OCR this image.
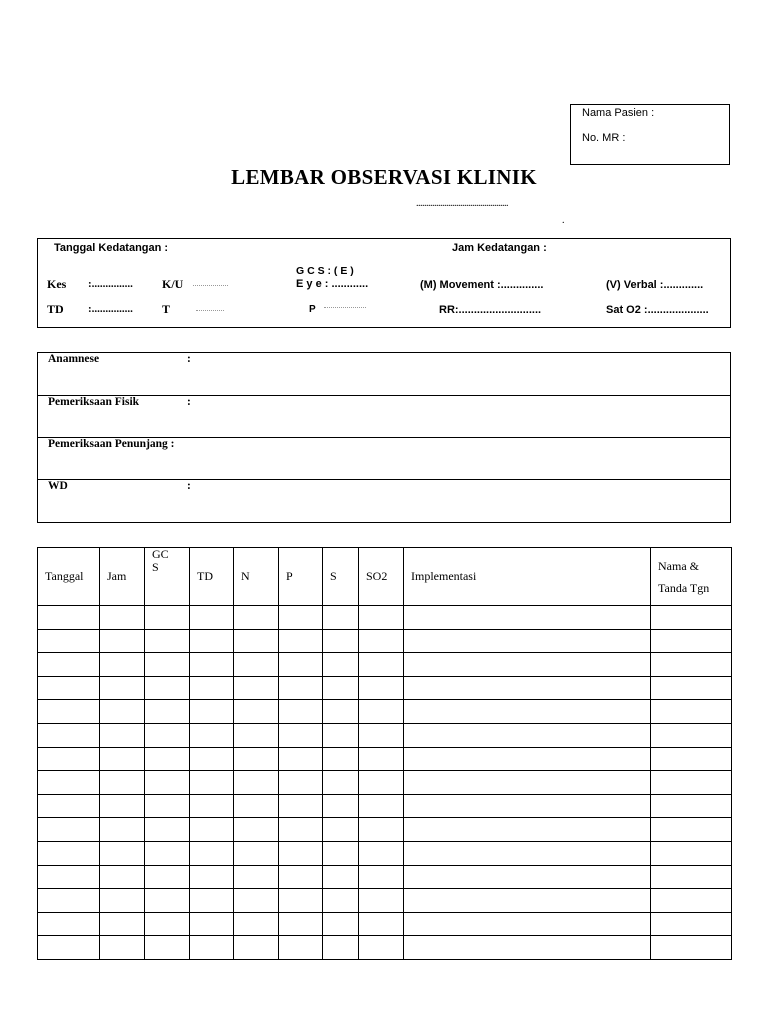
Nama Pasien :
No. MR :
LEMBAR OBSERVASI KLINIK
..............................................
.
Tanggal Kedatangan :	Jam Kedatangan :
G C S : ( E )
E y e : ............
Kes :............... K/U	(M) Movement :..............	(V) Verbal :.............
TD :............... T	P	RR:...........................	Sat O2 :....................
Anamnese	:
Pemeriksaan Fisik	:
Pemeriksaan Penunjang :
WD	:
Tanggal	Jam	GC
S	TD	N	P	S	SO2	Implementasi	Nama &
Tanda Tgn
